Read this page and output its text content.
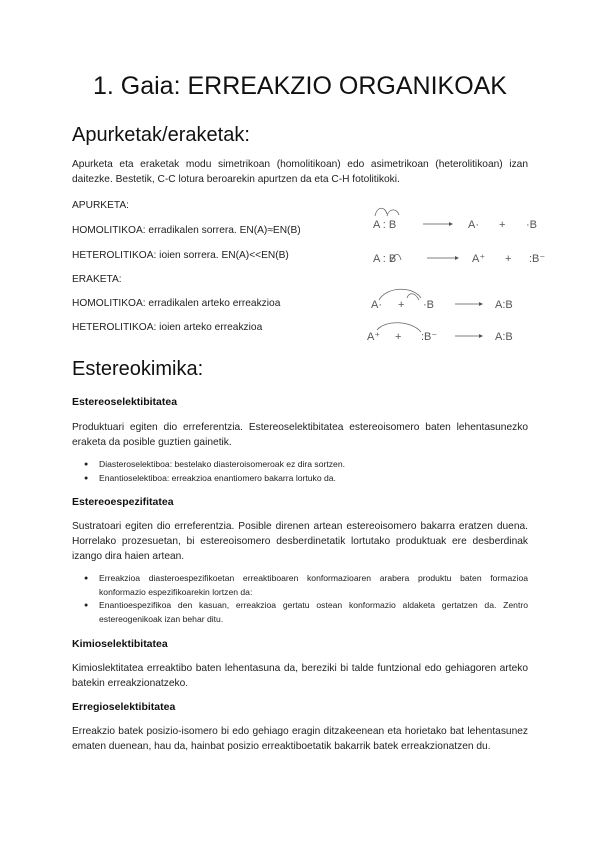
1. Gaia: ERREAKZIO ORGANIKOAK
Apurketak/eraketak:

Apurketa eta eraketak modu simetrikoan (homolitikoan) edo asimetrikoan (heterolitikoan) izan daitezke. Bestetik, C-C lotura beroarekin apurtzen da eta C-H fotolitikoki.

APURKETA:

HOMOLITIKOA: erradikalen sorrera. EN(A)≈EN(B)

HETEROLITIKOA: ioien sorrera. EN(A)<<EN(B)

ERAKETA:

HOMOLITIKOA: erradikalen arteko erreakzioa

HETEROLITIKOA: ioien arteko erreakzioa

A : B	A· + ·B
A : B	A⁺ + :B⁻
A· + ·B	A:B
A⁺ + :B⁻	A:B
Estereokimika:

Estereoselektibitatea

Produktuari egiten dio erreferentzia. Estereoselektibitatea estereoisomero baten lehentasunezko eraketa da posible guztien gainetik.

● Diasteroselektiboa: bestelako diasteroisomeroak ez dira sortzen.
● Enantioselektiboa: erreakzioa enantiomero bakarra lortuko da.

Estereoespezifitatea

Sustratoari egiten dio erreferentzia. Posible direnen artean estereoisomero bakarra eratzen duena. Horrelako prozesuetan, bi estereoisomero desberdinetatik lortutako produktuak ere desberdinak izango dira haien artean.

● Erreakzioa diasteroespezifikoetan erreaktiboaren konformazioaren arabera produktu baten formazioa konformazio espezifikoarekin lortzen da:
● Enantioespezifikoa den kasuan, erreakzioa gertatu ostean konformazio aldaketa gertatzen da. Zentro estereogenikoak izan behar ditu.

Kimioselektibitatea

Kimioslektitatea erreaktibo baten lehentasuna da, bereziki bi talde funtzional edo gehiagoren arteko batekin erreakzionatzeko.

Erregioselektibitatea

Erreakzio batek posizio-isomero bi edo gehiago eragin ditzakeenean eta horietako bat lehentasunez ematen duenean, hau da, hainbat posizio erreaktiboetatik bakarrik batek erreakzionatzen du.
